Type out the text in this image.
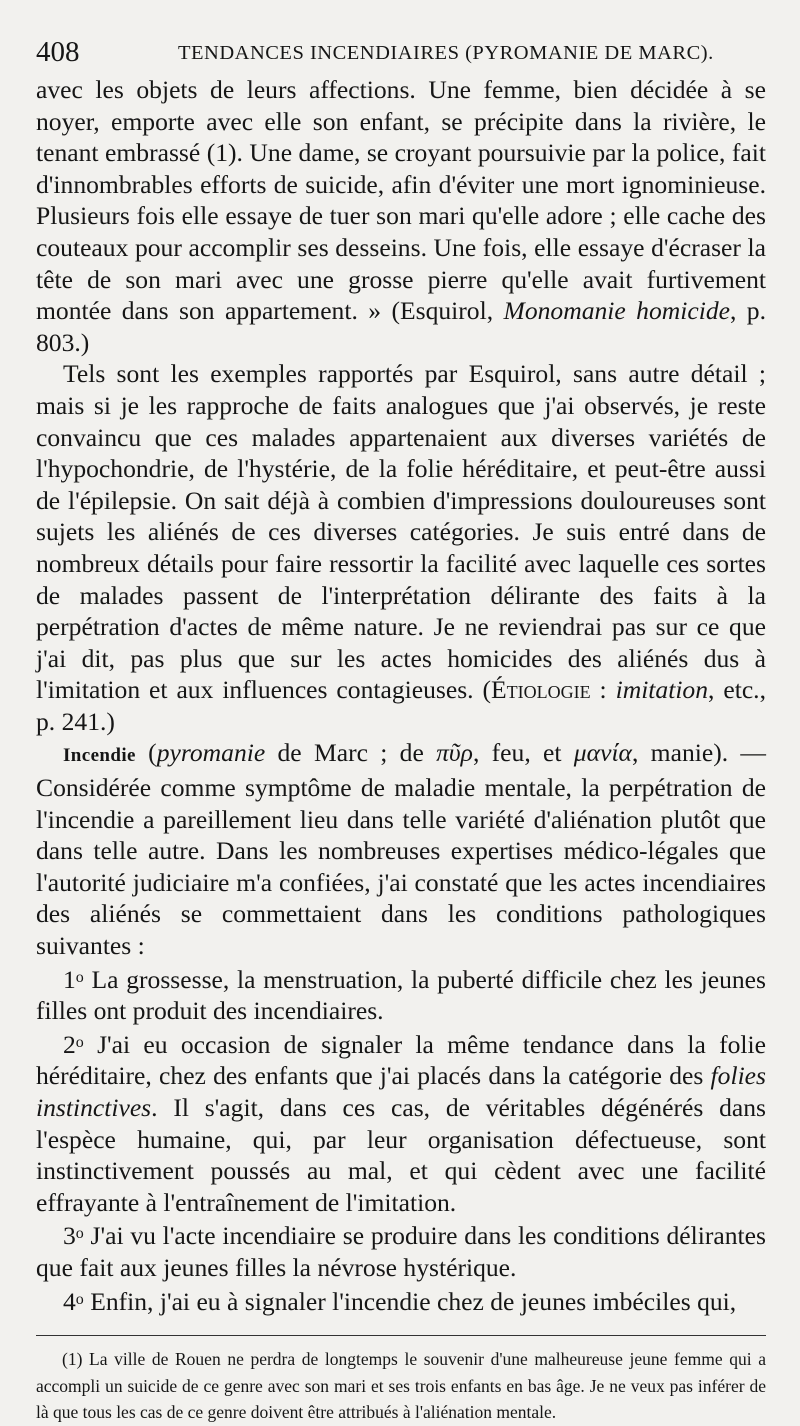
408	TENDANCES INCENDIAIRES (PYROMANIE DE MARC).

avec les objets de leurs affections. Une femme, bien décidée à se noyer, emporte avec elle son enfant, se précipite dans la rivière, le tenant embrassé (1). Une dame, se croyant poursuivie par la police, fait d'innombrables efforts de suicide, afin d'éviter une mort ignominieuse. Plusieurs fois elle essaye de tuer son mari qu'elle adore ; elle cache des couteaux pour accomplir ses desseins. Une fois, elle essaye d'écraser la tête de son mari avec une grosse pierre qu'elle avait furtivement montée dans son appartement. » (Esquirol, Monomanie homicide, p. 803.)

Tels sont les exemples rapportés par Esquirol, sans autre détail ; mais si je les rapproche de faits analogues que j'ai observés, je reste convaincu que ces malades appartenaient aux diverses variétés de l'hypochondrie, de l'hystérie, de la folie héréditaire, et peut-être aussi de l'épilepsie. On sait déjà à combien d'impressions douloureuses sont sujets les aliénés de ces diverses catégories. Je suis entré dans de nombreux détails pour faire ressortir la facilité avec laquelle ces sortes de malades passent de l'interprétation délirante des faits à la perpétration d'actes de même nature. Je ne reviendrai pas sur ce que j'ai dit, pas plus que sur les actes homicides des aliénés dus à l'imitation et aux influences contagieuses. (Étiologie : imitation, etc., p. 241.)

Incendie (pyromanie de Marc ; de πῦρ, feu, et μανία, manie). — Considérée comme symptôme de maladie mentale, la perpétration de l'incendie a pareillement lieu dans telle variété d'aliénation plutôt que dans telle autre. Dans les nombreuses expertises médico-légales que l'autorité judiciaire m'a confiées, j'ai constaté que les actes incendiaires des aliénés se commettaient dans les conditions pathologiques suivantes :

1$^o$ La grossesse, la menstruation, la puberté difficile chez les jeunes filles ont produit des incendiaires.

2$^o$ J'ai eu occasion de signaler la même tendance dans la folie héréditaire, chez des enfants que j'ai placés dans la catégorie des folies instinctives. Il s'agit, dans ces cas, de véritables dégénérés dans l'espèce humaine, qui, par leur organisation défectueuse, sont instinctivement poussés au mal, et qui cèdent avec une facilité effrayante à l'entraînement de l'imitation.

3$^o$ J'ai vu l'acte incendiaire se produire dans les conditions délirantes que fait aux jeunes filles la névrose hystérique.

4$^o$ Enfin, j'ai eu à signaler l'incendie chez de jeunes imbéciles qui,

(1) La ville de Rouen ne perdra de longtemps le souvenir d'une malheureuse jeune femme qui a accompli un suicide de ce genre avec son mari et ses trois enfants en bas âge. Je ne veux pas inférer de là que tous les cas de ce genre doivent être attribués à l'aliénation mentale.
